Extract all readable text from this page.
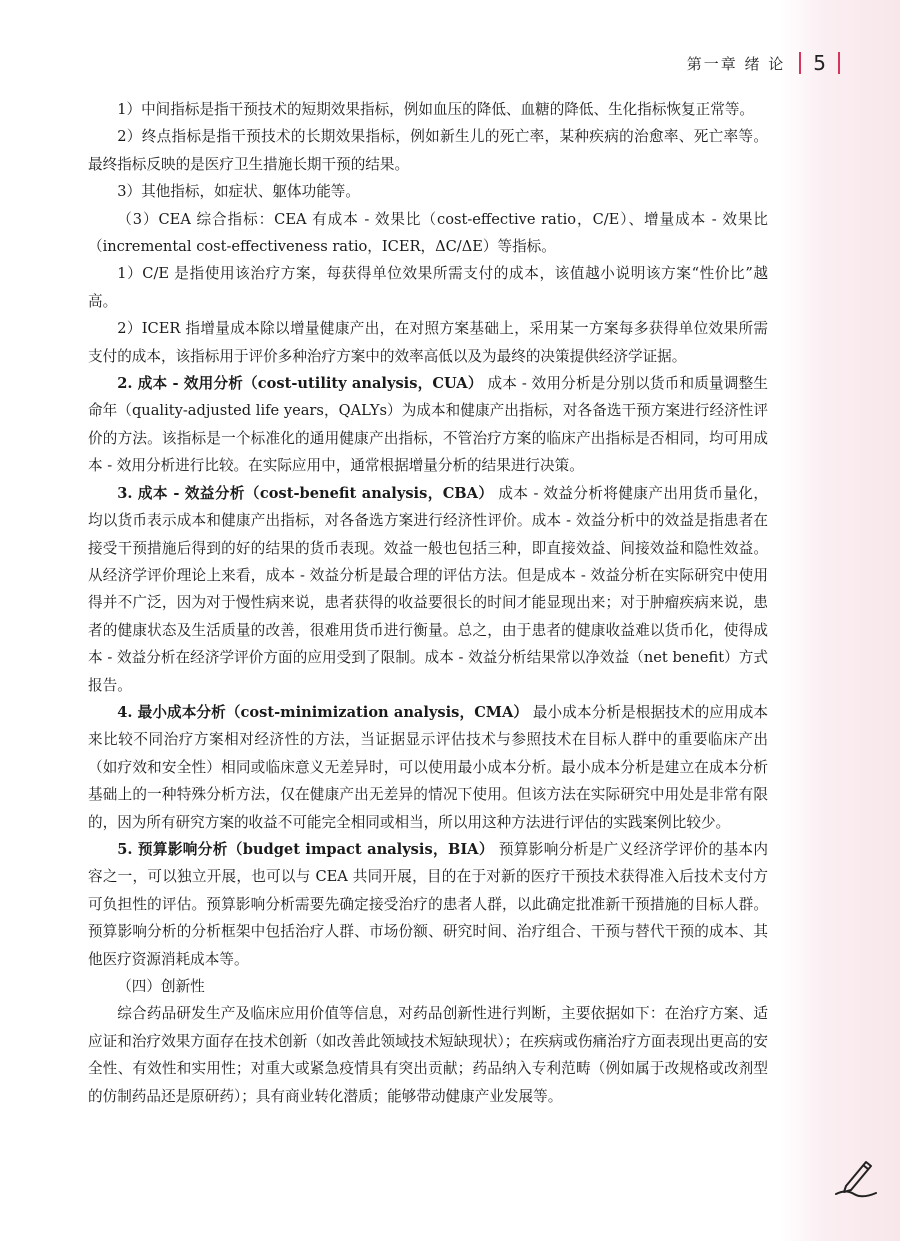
第一章 绪 论 5

1）中间指标是指干预技术的短期效果指标，例如血压的降低、血糖的降低、生化指标恢复正常等。

2）终点指标是指干预技术的长期效果指标，例如新生儿的死亡率，某种疾病的治愈率、死亡率等。最终指标反映的是医疗卫生措施长期干预的结果。

3）其他指标，如症状、躯体功能等。

（3）CEA 综合指标：CEA 有成本 - 效果比（cost-effective ratio，C/E）、增量成本 - 效果比（incremental cost-effectiveness ratio，ICER，ΔC/ΔE）等指标。

1）C/E 是指使用该治疗方案，每获得单位效果所需支付的成本，该值越小说明该方案“性价比”越高。

2）ICER 指增量成本除以增量健康产出，在对照方案基础上，采用某一方案每多获得单位效果所需支付的成本，该指标用于评价多种治疗方案中的效率高低以及为最终的决策提供经济学证据。

2. 成本 - 效用分析（cost-utility analysis，CUA） 成本 - 效用分析是分别以货币和质量调整生命年（quality-adjusted life years，QALYs）为成本和健康产出指标，对各备选干预方案进行经济性评价的方法。该指标是一个标准化的通用健康产出指标，不管治疗方案的临床产出指标是否相同，均可用成本 - 效用分析进行比较。在实际应用中，通常根据增量分析的结果进行决策。

3. 成本 - 效益分析（cost-benefit analysis，CBA） 成本 - 效益分析将健康产出用货币量化，均以货币表示成本和健康产出指标，对各备选方案进行经济性评价。成本 - 效益分析中的效益是指患者在接受干预措施后得到的好的结果的货币表现。效益一般也包括三种，即直接效益、间接效益和隐性效益。从经济学评价理论上来看，成本 - 效益分析是最合理的评估方法。但是成本 - 效益分析在实际研究中使用得并不广泛，因为对于慢性病来说，患者获得的收益要很长的时间才能显现出来；对于肿瘤疾病来说，患者的健康状态及生活质量的改善，很难用货币进行衡量。总之，由于患者的健康收益难以货币化，使得成本 - 效益分析在经济学评价方面的应用受到了限制。成本 - 效益分析结果常以净效益（net benefit）方式报告。

4. 最小成本分析（cost-minimization analysis，CMA） 最小成本分析是根据技术的应用成本来比较不同治疗方案相对经济性的方法，当证据显示评估技术与参照技术在目标人群中的重要临床产出（如疗效和安全性）相同或临床意义无差异时，可以使用最小成本分析。最小成本分析是建立在成本分析基础上的一种特殊分析方法，仅在健康产出无差异的情况下使用。但该方法在实际研究中用处是非常有限的，因为所有研究方案的收益不可能完全相同或相当，所以用这种方法进行评估的实践案例比较少。

5. 预算影响分析（budget impact analysis，BIA） 预算影响分析是广义经济学评价的基本内容之一，可以独立开展，也可以与 CEA 共同开展，目的在于对新的医疗干预技术获得准入后技术支付方可负担性的评估。预算影响分析需要先确定接受治疗的患者人群，以此确定批准新干预措施的目标人群。预算影响分析的分析框架中包括治疗人群、市场份额、研究时间、治疗组合、干预与替代干预的成本、其他医疗资源消耗成本等。

（四）创新性

综合药品研发生产及临床应用价值等信息，对药品创新性进行判断，主要依据如下：在治疗方案、适应证和治疗效果方面存在技术创新（如改善此领域技术短缺现状）；在疾病或伤痛治疗方面表现出更高的安全性、有效性和实用性；对重大或紧急疫情具有突出贡献；药品纳入专利范畴（例如属于改规格或改剂型的仿制药品还是原研药）；具有商业转化潜质；能够带动健康产业发展等。
